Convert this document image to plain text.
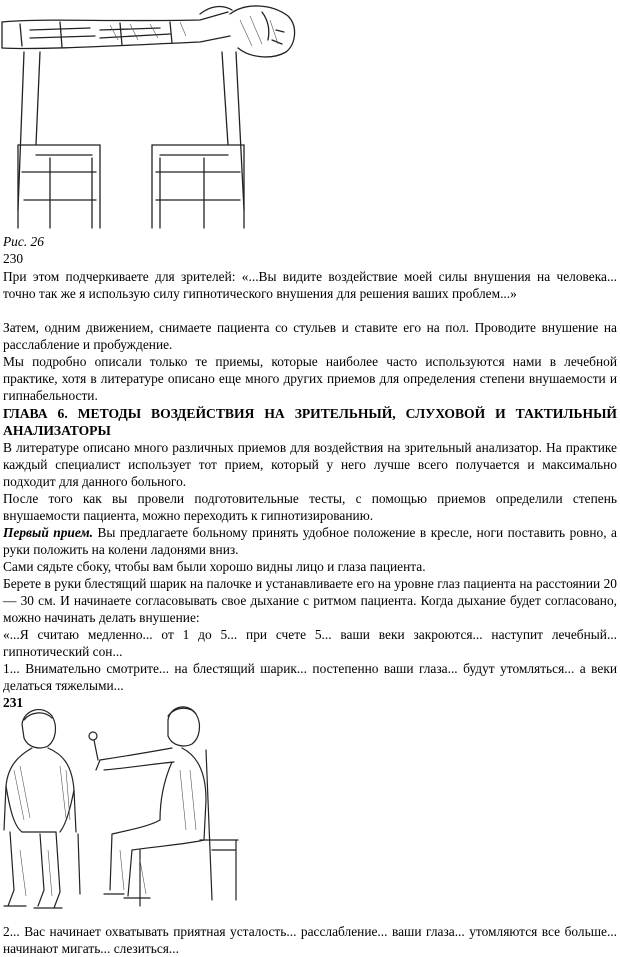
Рис. 26
230
При этом подчеркиваете для зрителей: «...Вы видите воздействие моей силы внушения на человека... точно так же я использую силу гипнотического внушения для решения ваших проблем...»
Затем, одним движением, снимаете пациента со стульев и ставите его на пол. Проводите внушение на расслабление и пробуждение.
Мы подробно описали только те приемы, которые наиболее часто используются нами в лечебной практике, хотя в литературе описано еще много других приемов для определения степени внушаемости и гипнабельности.
ГЛАВА 6. МЕТОДЫ ВОЗДЕЙСТВИЯ НА ЗРИТЕЛЬНЫЙ, СЛУХОВОЙ И ТАКТИЛЬНЫЙ АНАЛИЗАТОРЫ
В литературе описано много различных приемов для воздействия на зрительный анализатор. На практике каждый специалист использует тот прием, который у него лучше всего получается и максимально подходит для данного больного.
После того как вы провели подготовительные тесты, с помощью приемов определили степень внушаемости пациента, можно переходить к гипнотизированию.
Первый прием. Вы предлагаете больному принять удобное положение в кресле, ноги поставить ровно, а руки положить на колени ладонями вниз.
Сами сядьте сбоку, чтобы вам были хорошо видны лицо и глаза пациента.
Берете в руки блестящий шарик на палочке и устанавливаете его на уровне глаз пациента на расстоянии 20 — 30 см. И начинаете согласовывать свое дыхание с ритмом пациента. Когда дыхание будет согласовано, можно начинать делать внушение:
«...Я считаю медленно... от 1 до 5... при счете 5... ваши веки закроются... наступит лечебный... гипнотический сон...
1... Внимательно смотрите... на блестящий шарик... постепенно ваши глаза... будут утомляться... а веки делаться тяжелыми...
231
2... Вас начинает охватывать приятная усталость... расслабление... ваши глаза... утомляются все больше... начинают мигать... слезиться...
